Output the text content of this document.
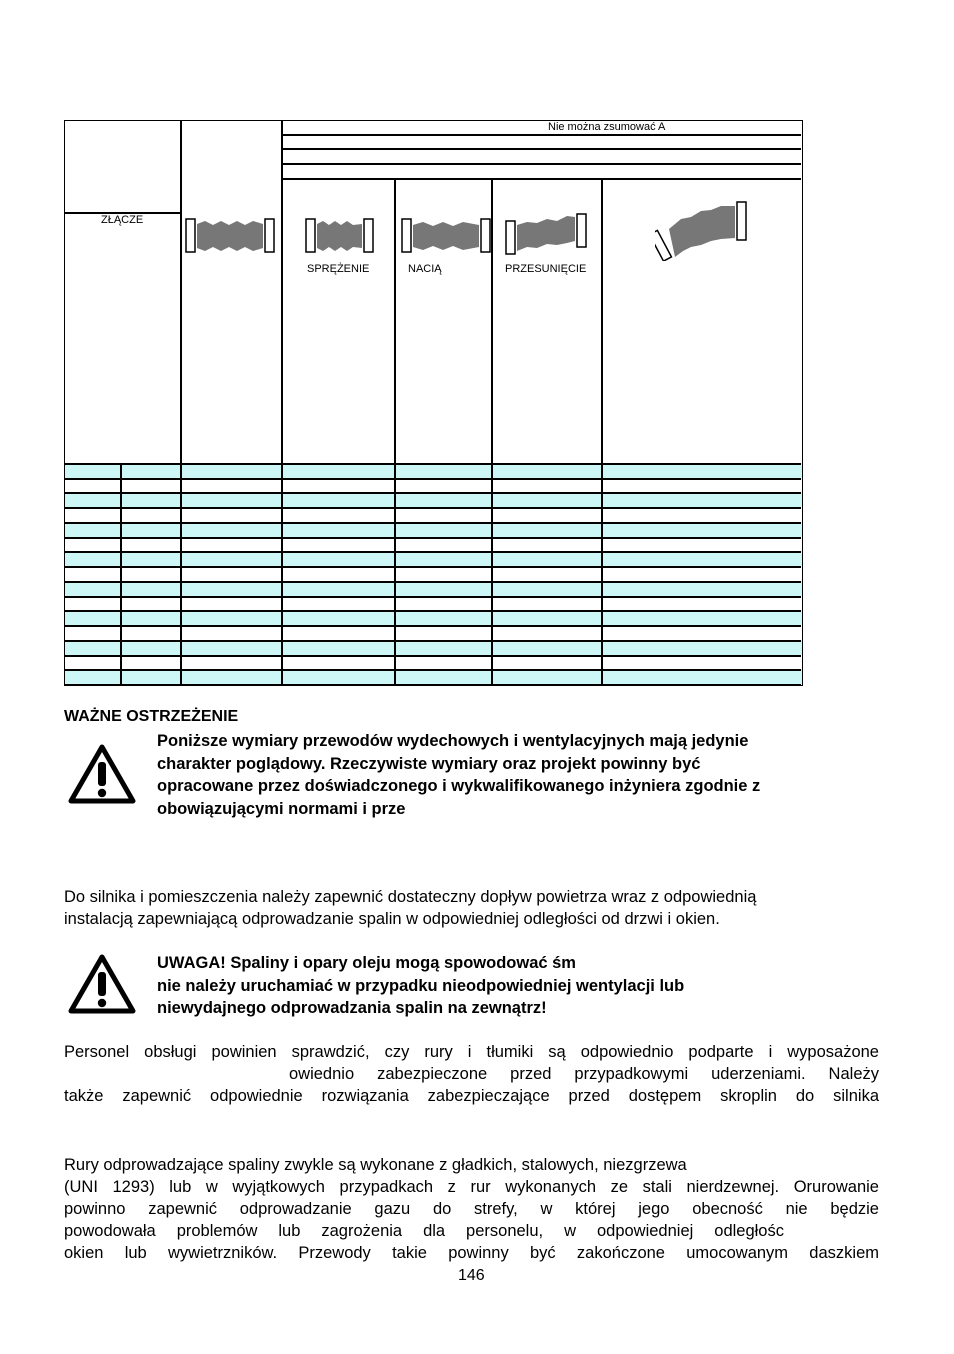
Nie można zsumować A
ZŁĄCZE
SPRĘŻENIE	NACIĄ	PRZESUNIĘCIE
WAŻNE OSTRZEŻENIE
Poniższe wymiary przewodów wydechowych i wentylacyjnych mają jedynie
charakter poglądowy. Rzeczywiste wymiary oraz projekt powinny być
opracowane przez doświadczonego i wykwalifikowanego inżyniera zgodnie z
obowiązującymi normami i prze
Do silnika i pomieszczenia należy zapewnić dostateczny dopływ powietrza wraz z odpowiednią
instalacją zapewniającą odprowadzanie spalin w odpowiedniej odległości od drzwi i okien.
UWAGA! Spaliny i opary oleju mogą spowodować śm
nie należy uruchamiać w przypadku nieodpowiedniej wentylacji lub
niewydajnego odprowadzania spalin na zewnątrz!
Personel obsługi powinien sprawdzić, czy rury i tłumiki są odpowiednio podparte i wyposażone
owiednio zabezpieczone przed przypadkowymi uderzeniami. Należy
także zapewnić odpowiednie rozwiązania zabezpieczające przed dostępem skroplin do silnika
Rury odprowadzające spaliny zwykle są wykonane z gładkich, stalowych, niezgrzewa
(UNI 1293) lub w wyjątkowych przypadkach z rur wykonanych ze stali nierdzewnej. Orurowanie
powinno zapewnić odprowadzanie gazu do strefy, w której jego obecność nie będzie
powodowała problemów lub zagrożenia dla personelu, w odpowiedniej odległośc
okien lub wywietrzników. Przewody takie powinny być zakończone umocowanym daszkiem
146
